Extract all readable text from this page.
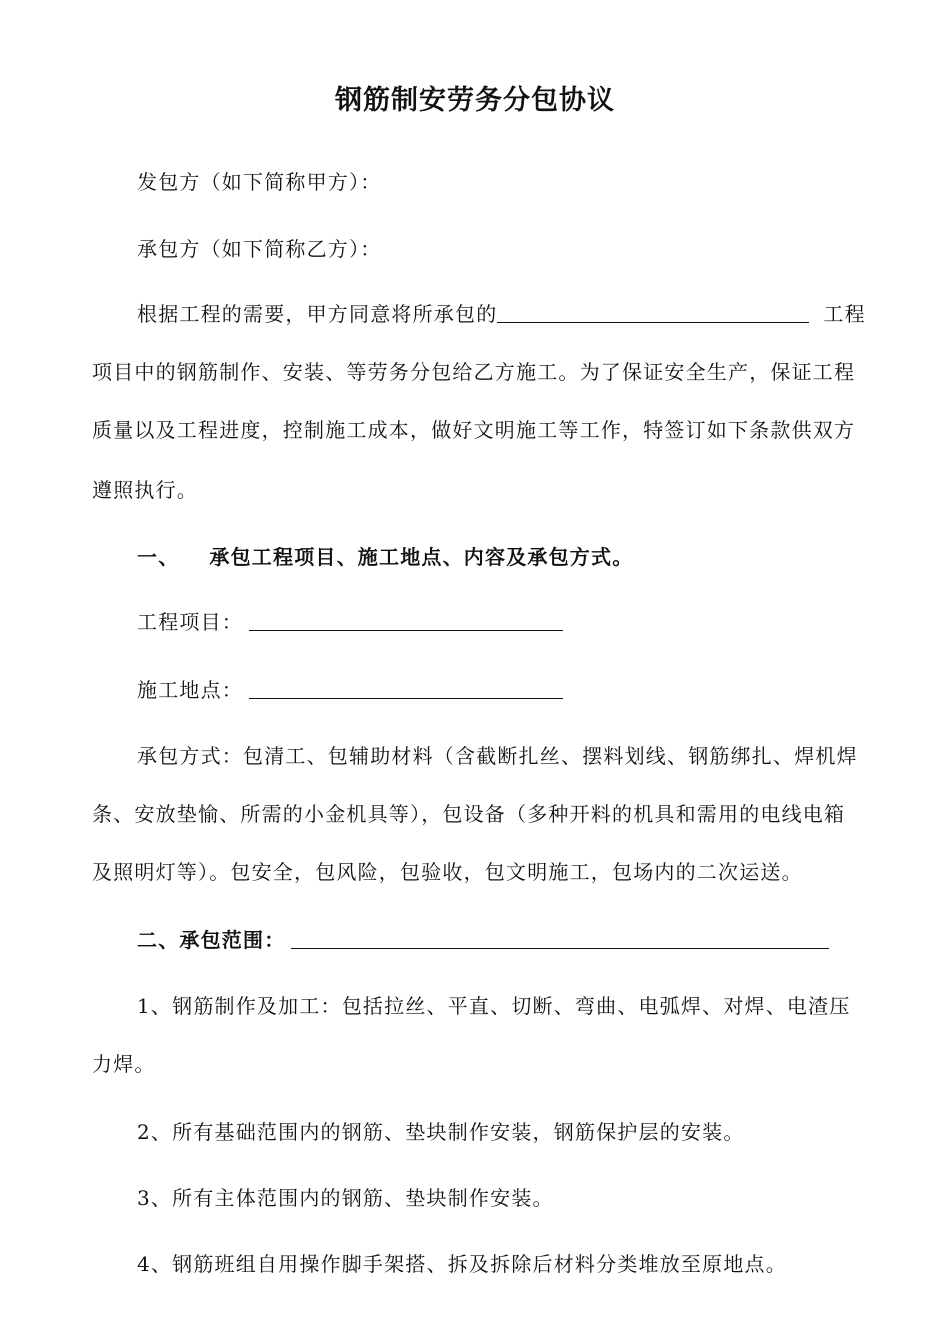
钢筋制安劳务分包协议
发包方（如下简称甲方）：
承包方（如下简称乙方）：
根据工程的需要，甲方同意将所承包的	工程
项目中的钢筋制作、安装、等劳务分包给乙方施工。为了保证安全生产，保证工程
质量以及工程进度，控制施工成本，做好文明施工等工作，特签订如下条款供双方
遵照执行。
一、 承包工程项目、施工地点、内容及承包方式。
工程项目：
施工地点：
承包方式：包清工、包辅助材料（含截断扎丝、摆料划线、钢筋绑扎、焊机焊
条、安放垫愉、所需的小金机具等），包设备（多种开料的机具和需用的电线电箱
及照明灯等）。包安全，包风险，包验收，包文明施工，包场内的二次运送。
二、承包范围：
1、钢筋制作及加工：包括拉丝、平直、切断、弯曲、电弧焊、对焊、电渣压
力焊。
2、所有基础范围内的钢筋、垫块制作安装，钢筋保护层的安装。
3、所有主体范围内的钢筋、垫块制作安装。
4、钢筋班组自用操作脚手架搭、拆及拆除后材料分类堆放至原地点。
